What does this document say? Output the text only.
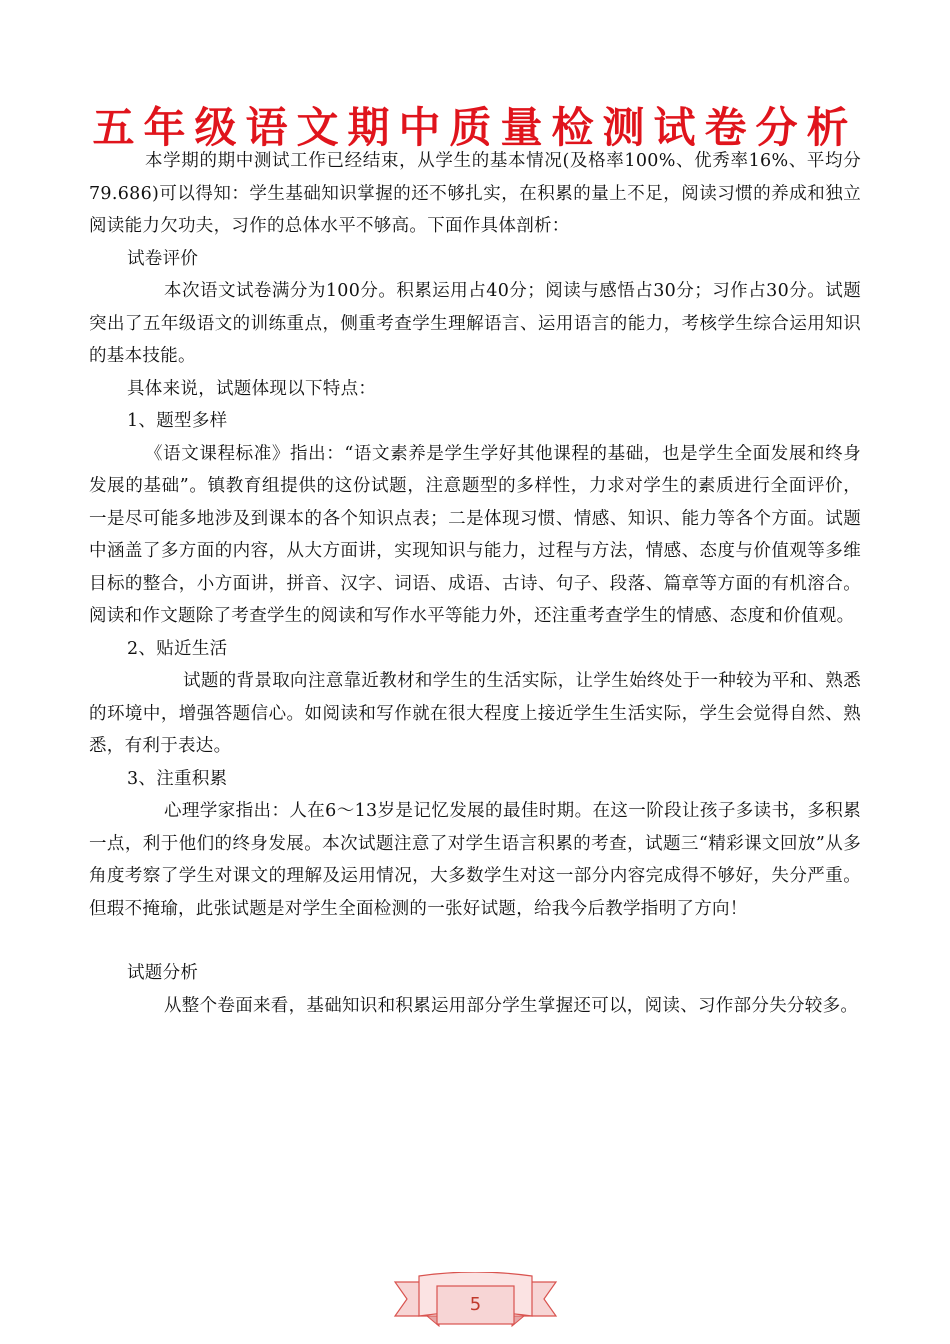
五年级语文期中质量检测试卷分析

本学期的期中测试工作已经结束，从学生的基本情况(及格率100%、优秀率16%、平均分79.686)可以得知：学生基础知识掌握的还不够扎实，在积累的量上不足，阅读习惯的养成和独立阅读能力欠功夫，习作的总体水平不够高。下面作具体剖析：

试卷评价

本次语文试卷满分为100分。积累运用占40分；阅读与感悟占30分；习作占30分。试题突出了五年级语文的训练重点，侧重考查学生理解语言、运用语言的能力，考核学生综合运用知识的基本技能。

具体来说，试题体现以下特点：

1、题型多样

《语文课程标准》指出：“语文素养是学生学好其他课程的基础，也是学生全面发展和终身发展的基础”。镇教育组提供的这份试题，注意题型的多样性，力求对学生的素质进行全面评价，一是尽可能多地涉及到课本的各个知识点表；二是体现习惯、情感、知识、能力等各个方面。试题中涵盖了多方面的内容，从大方面讲，实现知识与能力，过程与方法，情感、态度与价值观等多维目标的整合，小方面讲，拼音、汉字、词语、成语、古诗、句子、段落、篇章等方面的有机溶合。阅读和作文题除了考查学生的阅读和写作水平等能力外，还注重考查学生的情感、态度和价值观。

2、贴近生活

试题的背景取向注意靠近教材和学生的生活实际，让学生始终处于一种较为平和、熟悉的环境中，增强答题信心。如阅读和写作就在很大程度上接近学生生活实际，学生会觉得自然、熟悉，有利于表达。

3、注重积累

心理学家指出：人在6～13岁是记忆发展的最佳时期。在这一阶段让孩子多读书，多积累一点，利于他们的终身发展。本次试题注意了对学生语言积累的考查，试题三“精彩课文回放”从多角度考察了学生对课文的理解及运用情况，大多数学生对这一部分内容完成得不够好，失分严重。但瑕不掩瑜，此张试题是对学生全面检测的一张好试题，给我今后教学指明了方向！

试题分析

从整个卷面来看，基础知识和积累运用部分学生掌握还可以，阅读、习作部分失分较多。

5
